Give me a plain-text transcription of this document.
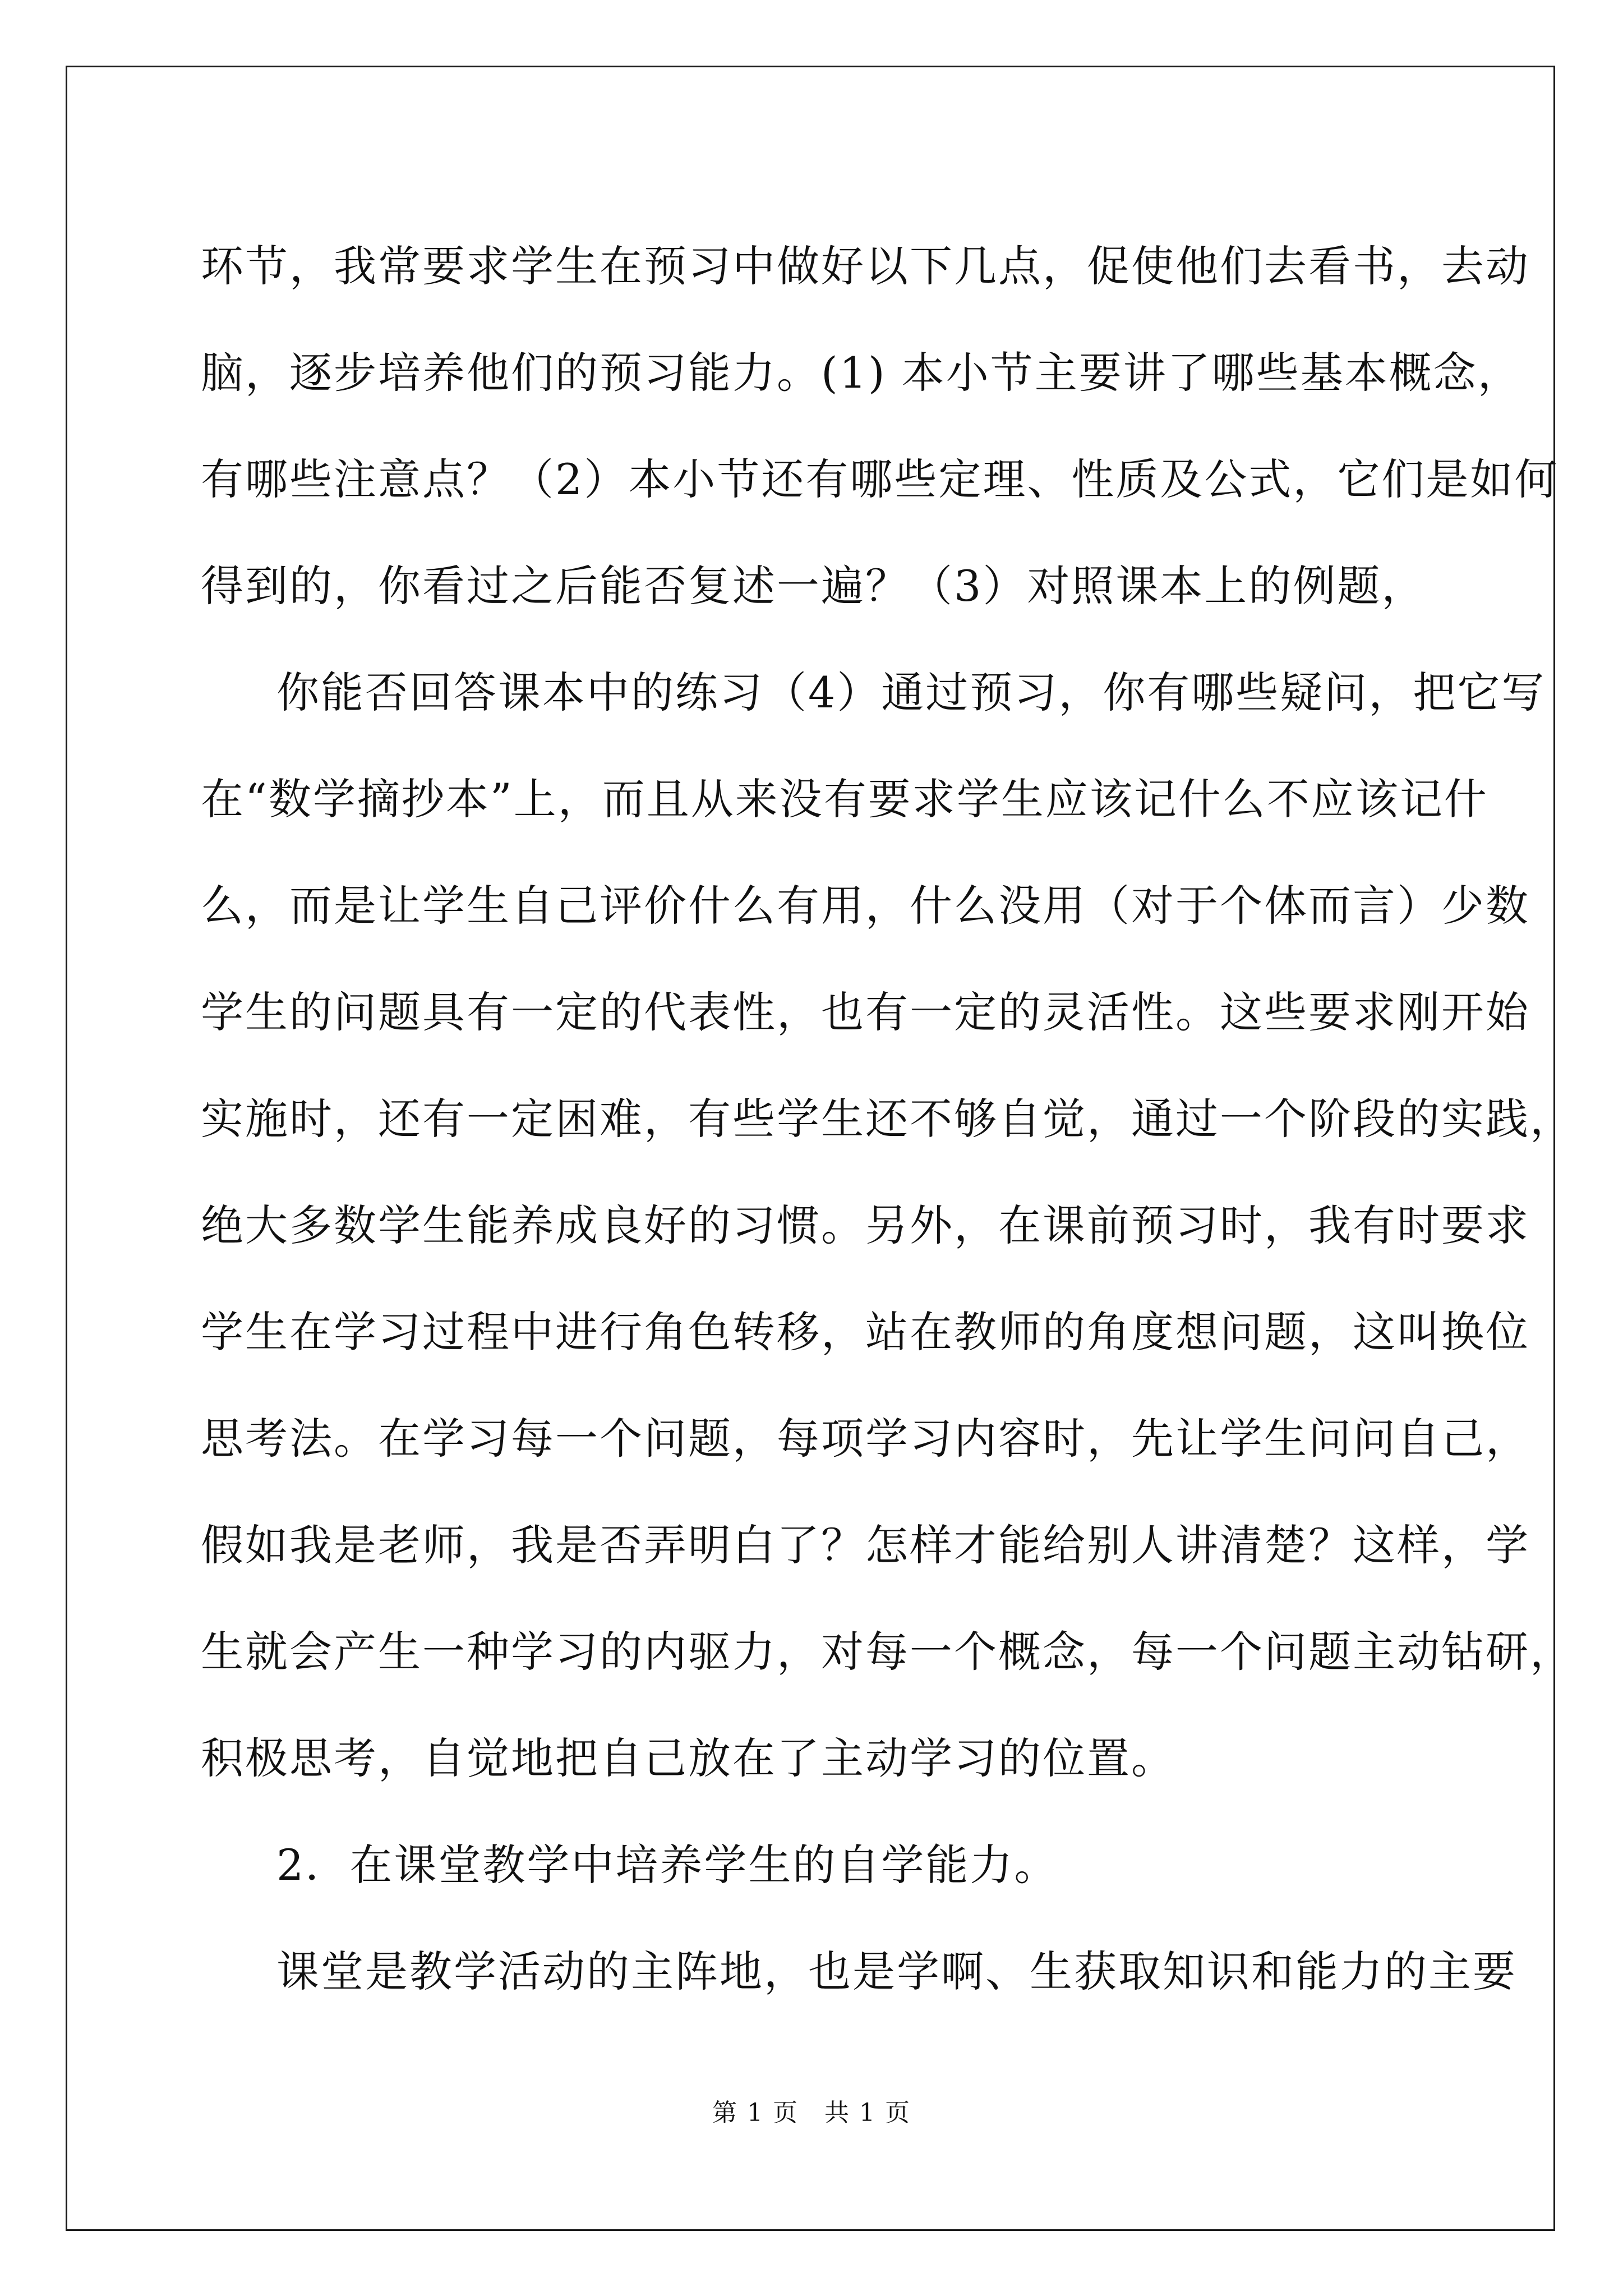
环节，我常要求学生在预习中做好以下几点，促使他们去看书，去动
脑，逐步培养他们的预习能力。(1) 本小节主要讲了哪些基本概念，
有哪些注意点？（2）本小节还有哪些定理、性质及公式，它们是如何
得到的，你看过之后能否复述一遍？（3）对照课本上的例题，

你能否回答课本中的练习（4）通过预习，你有哪些疑问，把它写
在“数学摘抄本”上，而且从来没有要求学生应该记什么不应该记什
么，而是让学生自己评价什么有用，什么没用（对于个体而言）少数
学生的问题具有一定的代表性，也有一定的灵活性。这些要求刚开始
实施时，还有一定困难，有些学生还不够自觉，通过一个阶段的实践，
绝大多数学生能养成良好的习惯。另外，在课前预习时，我有时要求
学生在学习过程中进行角色转移，站在教师的角度想问题，这叫换位
思考法。在学习每一个问题，每项学习内容时，先让学生问问自己，
假如我是老师，我是否弄明白了？怎样才能给别人讲清楚？这样，学
生就会产生一种学习的内驱力，对每一个概念，每一个问题主动钻研，
积极思考，自觉地把自己放在了主动学习的位置。

2．在课堂教学中培养学生的自学能力。

课堂是教学活动的主阵地，也是学啊、生获取知识和能力的主要

第 1 页　共 1 页
